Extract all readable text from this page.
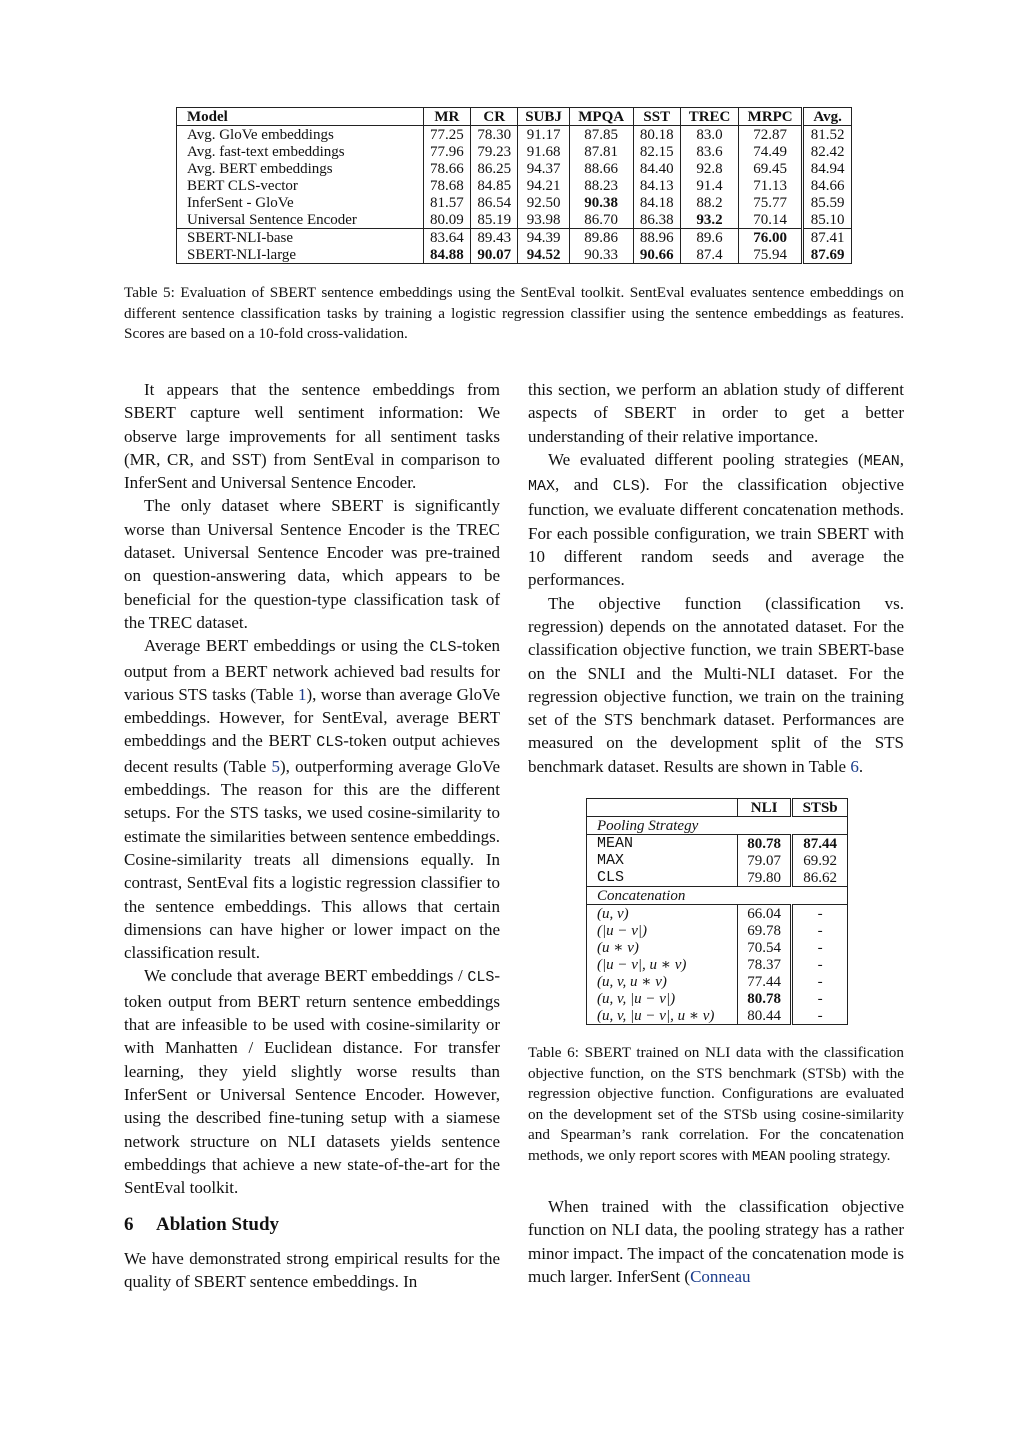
Model	MR	CR	SUBJ	MPQA	SST	TREC	MRPC	Avg.
Avg. GloVe embeddings	77.25	78.30	91.17	87.85	80.18	83.0	72.87	81.52
Avg. fast-text embeddings	77.96	79.23	91.68	87.81	82.15	83.6	74.49	82.42
Avg. BERT embeddings	78.66	86.25	94.37	88.66	84.40	92.8	69.45	84.94
BERT CLS-vector	78.68	84.85	94.21	88.23	84.13	91.4	71.13	84.66
InferSent - GloVe	81.57	86.54	92.50	90.38	84.18	88.2	75.77	85.59
Universal Sentence Encoder	80.09	85.19	93.98	86.70	86.38	93.2	70.14	85.10
SBERT-NLI-base	83.64	89.43	94.39	89.86	88.96	89.6	76.00	87.41
SBERT-NLI-large	84.88	90.07	94.52	90.33	90.66	87.4	75.94	87.69
Table 5: Evaluation of SBERT sentence embeddings using the SentEval toolkit. SentEval evaluates sentence embeddings on different sentence classification tasks by training a logistic regression classifier using the sentence embeddings as features. Scores are based on a 10-fold cross-validation.

It appears that the sentence embeddings from SBERT capture well sentiment information: We observe large improvements for all sentiment tasks (MR, CR, and SST) from SentEval in comparison to InferSent and Universal Sentence Encoder.

The only dataset where SBERT is significantly worse than Universal Sentence Encoder is the TREC dataset. Universal Sentence Encoder was pre-trained on question-answering data, which appears to be beneficial for the question-type classification task of the TREC dataset.

Average BERT embeddings or using the CLS-token output from a BERT network achieved bad results for various STS tasks (Table 1), worse than average GloVe embeddings. However, for SentEval, average BERT embeddings and the BERT CLS-token output achieves decent results (Table 5), outperforming average GloVe embeddings. The reason for this are the different setups. For the STS tasks, we used cosine-similarity to estimate the similarities between sentence embeddings. Cosine-similarity treats all dimensions equally. In contrast, SentEval fits a logistic regression classifier to the sentence embeddings. This allows that certain dimensions can have higher or lower impact on the classification result.

We conclude that average BERT embeddings / CLS-token output from BERT return sentence embeddings that are infeasible to be used with cosine-similarity or with Manhatten / Euclidean distance. For transfer learning, they yield slightly worse results than InferSent or Universal Sentence Encoder. However, using the described fine-tuning setup with a siamese network structure on NLI datasets yields sentence embeddings that achieve a new state-of-the-art for the SentEval toolkit.

6 Ablation Study

We have demonstrated strong empirical results for the quality of SBERT sentence embeddings. In

this section, we perform an ablation study of different aspects of SBERT in order to get a better understanding of their relative importance.

We evaluated different pooling strategies (MEAN, MAX, and CLS). For the classification objective function, we evaluate different concatenation methods. For each possible configuration, we train SBERT with 10 different random seeds and average the performances.

The objective function (classification vs. regression) depends on the annotated dataset. For the classification objective function, we train SBERT-base on the SNLI and the Multi-NLI dataset. For the regression objective function, we train on the training set of the STS benchmark dataset. Performances are measured on the development split of the STS benchmark dataset. Results are shown in Table 6.

	NLI	STSb
Pooling Strategy		
MEAN	80.78	87.44
MAX	79.07	69.92
CLS	79.80	86.62
Concatenation		
(u, v)	66.04	-
(|u − v|)	69.78	-
(u ∗ v)	70.54	-
(|u − v|, u ∗ v)	78.37	-
(u, v, u ∗ v)	77.44	-
(u, v, |u − v|)	80.78	-
(u, v, |u − v|, u ∗ v)	80.44	-
Table 6: SBERT trained on NLI data with the classification objective function, on the STS benchmark (STSb) with the regression objective function. Configurations are evaluated on the development set of the STSb using cosine-similarity and Spearman’s rank correlation. For the concatenation methods, we only report scores with MEAN pooling strategy.

When trained with the classification objective function on NLI data, the pooling strategy has a rather minor impact. The impact of the concatenation mode is much larger. InferSent (Conneau
